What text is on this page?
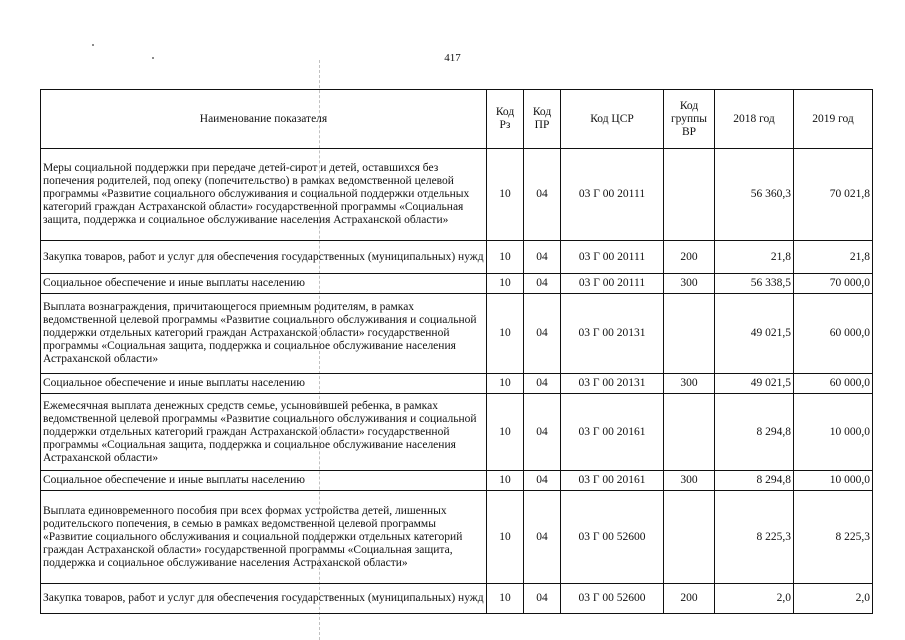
417
Наименование показателя	Код Рз	Код ПР	Код ЦСР	Код группы ВР	2018 год	2019 год
Меры социальной поддержки при передаче детей-сирот и детей, оставшихся без попечения родителей, под опеку (попечительство) в рамках ведомственной целевой программы «Развитие социального обслуживания и социальной поддержки отдельных категорий граждан Астраханской области» государственной программы «Социальная защита, поддержка и социальное обслуживание населения Астраханской области»	10	04	03 Г 00 20111		56 360,3	70 021,8
Закупка товаров, работ и услуг для обеспечения государственных (муниципальных) нужд	10	04	03 Г 00 20111	200	21,8	21,8
Социальное обеспечение и иные выплаты населению	10	04	03 Г 00 20111	300	56 338,5	70 000,0
Выплата вознаграждения, причитающегося приемным родителям, в рамках ведомственной целевой программы «Развитие социального обслуживания и социальной поддержки отдельных категорий граждан Астраханской области» государственной программы «Социальная защита, поддержка и социальное обслуживание населения Астраханской области»	10	04	03 Г 00 20131		49 021,5	60 000,0
Социальное обеспечение и иные выплаты населению	10	04	03 Г 00 20131	300	49 021,5	60 000,0
Ежемесячная выплата денежных средств семье, усыновившей ребенка, в рамках ведомственной целевой программы «Развитие социального обслуживания и социальной поддержки отдельных категорий граждан Астраханской области» государственной программы «Социальная защита, поддержка и социальное обслуживание населения Астраханской области»	10	04	03 Г 00 20161		8 294,8	10 000,0
Социальное обеспечение и иные выплаты населению	10	04	03 Г 00 20161	300	8 294,8	10 000,0
Выплата единовременного пособия при всех формах устройства детей, лишенных родительского попечения, в семью в рамках ведомственной целевой программы «Развитие социального обслуживания и социальной поддержки отдельных категорий граждан Астраханской области» государственной программы «Социальная защита, поддержка и социальное обслуживание населения Астраханской области»	10	04	03 Г 00 52600		8 225,3	8 225,3
Закупка товаров, работ и услуг для обеспечения государственных (муниципальных) нужд	10	04	03 Г 00 52600	200	2,0	2,0
